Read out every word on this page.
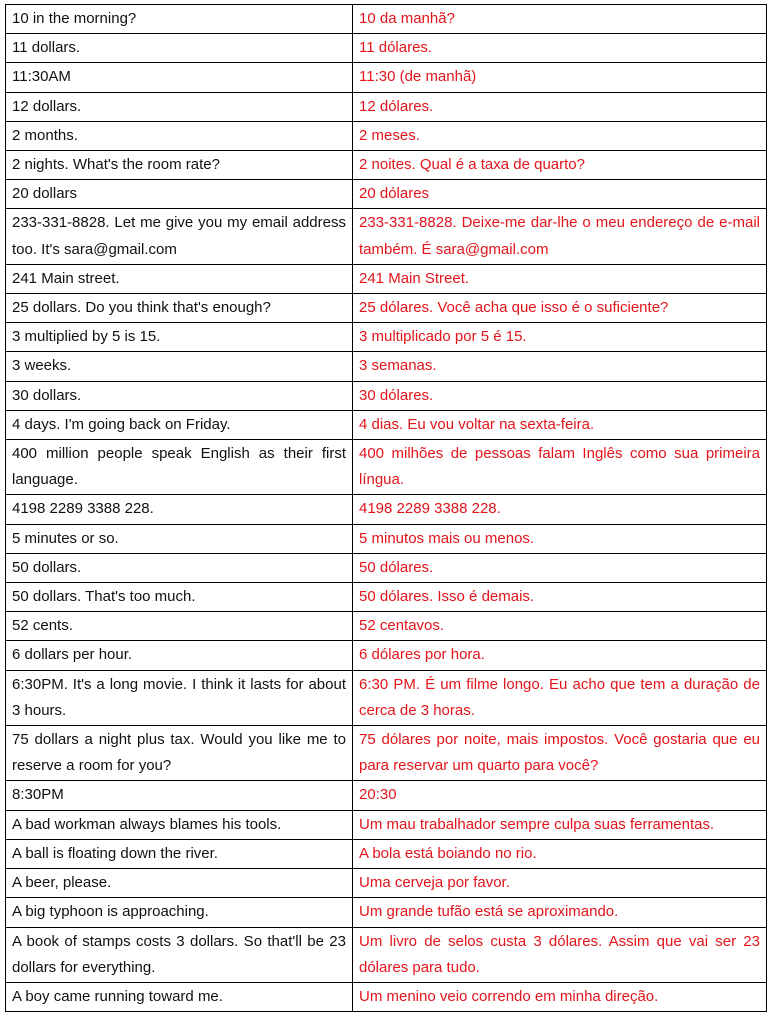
10 in the morning?	10 da manhã?
11 dollars.	11 dólares.
11:30AM	11:30 (de manhã)
12 dollars.	12 dólares.
2 months.	2 meses.
2 nights. What's the room rate?	2 noites. Qual é a taxa de quarto?
20 dollars	20 dólares
233-331-8828. Let me give you my email address too. It's sara@gmail.com	233-331-8828. Deixe-me dar-lhe o meu endereço de e-mail também. É sara@gmail.com
241 Main street.	241 Main Street.
25 dollars. Do you think that's enough?	25 dólares. Você acha que isso é o suficiente?
3 multiplied by 5 is 15.	3 multiplicado por 5 é 15.
3 weeks.	3 semanas.
30 dollars.	30 dólares.
4 days. I'm going back on Friday.	4 dias. Eu vou voltar na sexta-feira.
400 million people speak English as their first language.	400 milhões de pessoas falam Inglês como sua primeira língua.
4198 2289 3388 228.	4198 2289 3388 228.
5 minutes or so.	5 minutos mais ou menos.
50 dollars.	50 dólares.
50 dollars. That's too much.	50 dólares. Isso é demais.
52 cents.	52 centavos.
6 dollars per hour.	6 dólares por hora.
6:30PM. It's a long movie. I think it lasts for about 3 hours.	6:30 PM. É um filme longo. Eu acho que tem a duração de cerca de 3 horas.
75 dollars a night plus tax. Would you like me to reserve a room for you?	75 dólares por noite, mais impostos. Você gostaria que eu para reservar um quarto para você?
8:30PM	20:30
A bad workman always blames his tools.	Um mau trabalhador sempre culpa suas ferramentas.
A ball is floating down the river.	A bola está boiando no rio.
A beer, please.	Uma cerveja por favor.
A big typhoon is approaching.	Um grande tufão está se aproximando.
A book of stamps costs 3 dollars. So that'll be 23 dollars for everything.	Um livro de selos custa 3 dólares. Assim que vai ser 23 dólares para tudo.
A boy came running toward me.	Um menino veio correndo em minha direção.
